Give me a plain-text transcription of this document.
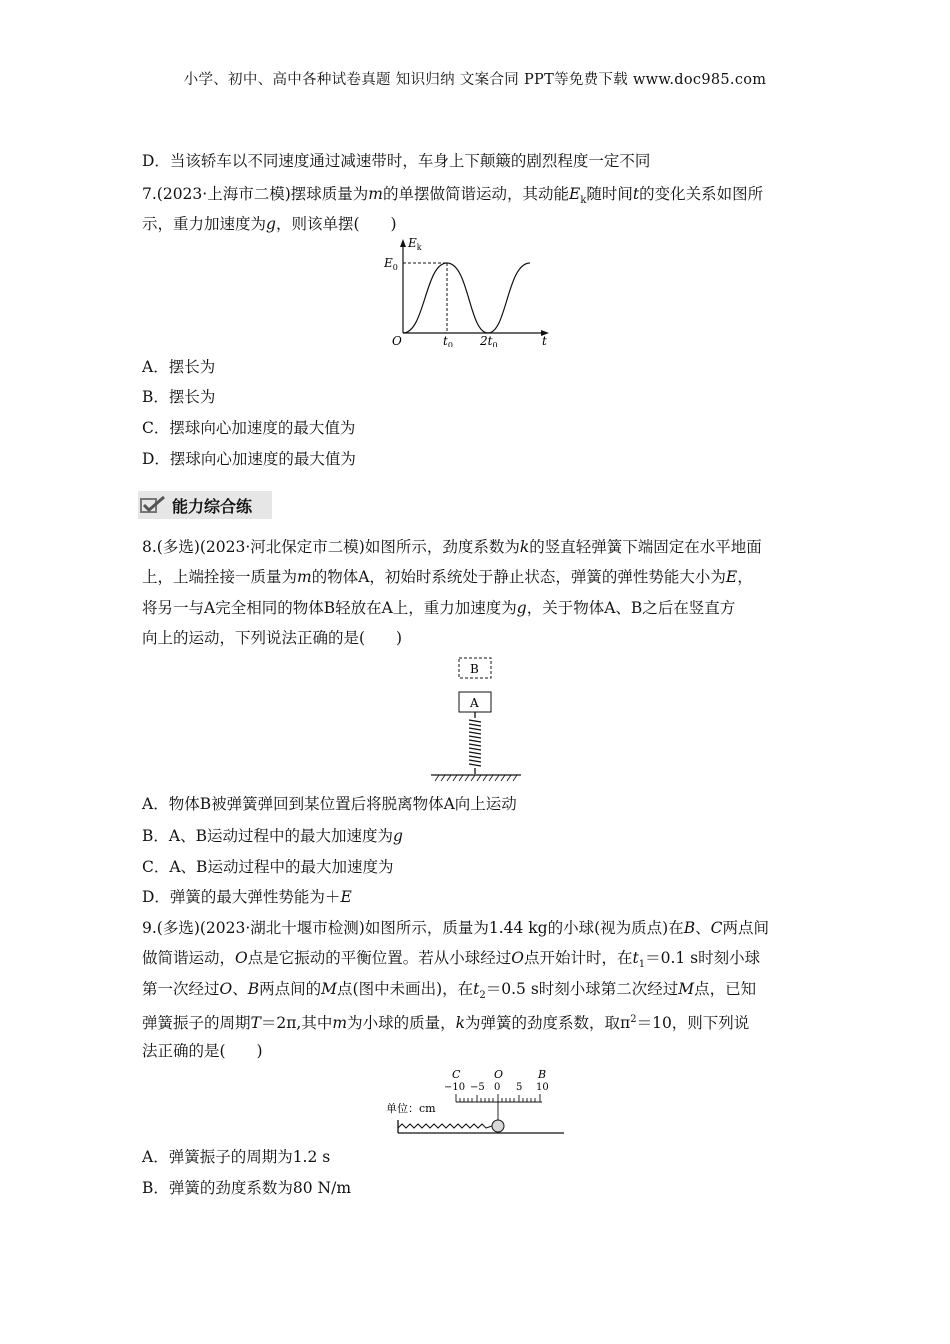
小学、初中、高中各种试卷真题 知识归纳 文案合同 PPT等免费下载 www.doc985.com
D．当该轿车以不同速度通过减速带时，车身上下颠簸的剧烈程度一定不同
7.(2023·上海市二模)摆球质量为m的单摆做简谐运动，其动能$E_k$随时间t的变化关系如图所
示，重力加速度为g，则该单摆(　　)
$E_k$
$E_0$
O	$t_0$ $2t_0$	t
A．摆长为
B．摆长为
C．摆球向心加速度的最大值为
D．摆球向心加速度的最大值为
能力综合练
8.(多选)(2023·河北保定市二模)如图所示，劲度系数为k的竖直轻弹簧下端固定在水平地面
上，上端拴接一质量为m的物体A，初始时系统处于静止状态，弹簧的弹性势能大小为E，
将另一与A完全相同的物体B轻放在A上，重力加速度为g，关于物体A、B之后在竖直方
向上的运动，下列说法正确的是(　　)
B
A
A．物体B被弹簧弹回到某位置后将脱离物体A向上运动
B．A、B运动过程中的最大加速度为g
C．A、B运动过程中的最大加速度为
D．弹簧的最大弹性势能为＋E
9.(多选)(2023·湖北十堰市检测)如图所示，质量为1.44 kg的小球(视为质点)在B、C两点间
做简谐运动，O点是它振动的平衡位置。若从小球经过O点开始计时，在$t_1=0.1$ s时刻小球
第一次经过O、B两点间的M点(图中未画出)，在$t_2=0.5$ s时刻小球第二次经过M点，已知
弹簧振子的周期T＝2π,其中m为小球的质量，k为弹簧的劲度系数，取$\pi^2=10$，则下列说
法正确的是(　　)
C	O	B
−10 −5 0 5 10
单位：cm
A．弹簧振子的周期为1.2 s
B．弹簧的劲度系数为80 N/m
